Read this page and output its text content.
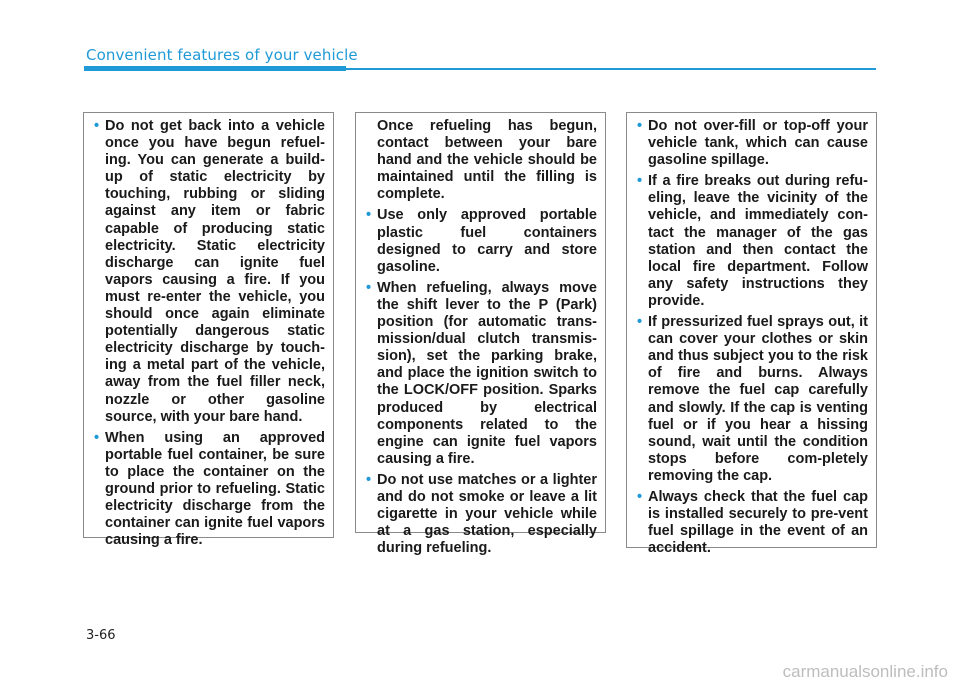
Convenient features of your vehicle
• Do not get back into a vehicle once you have begun refuel-ing. You can generate a build-up of static electricity by touching, rubbing or sliding against any item or fabric capable of producing static electricity. Static electricity discharge can ignite fuel vapors causing a fire. If you must re-enter the vehicle, you should once again eliminate potentially dangerous static electricity discharge by touch-ing a metal part of the vehicle, away from the fuel filler neck, nozzle or other gasoline source, with your bare hand.
• When using an approved portable fuel container, be sure to place the container on the ground prior to refueling. Static electricity discharge from the container can ignite fuel vapors causing a fire.

Once refueling has begun, contact between your bare hand and the vehicle should be maintained until the filling is complete.

• Use only approved portable plastic fuel containers designed to carry and store gasoline.
• When refueling, always move the shift lever to the P (Park) position (for automatic trans-mission/dual clutch transmis-sion), set the parking brake, and place the ignition switch to the LOCK/OFF position. Sparks produced by electrical components related to the engine can ignite fuel vapors causing a fire.
• Do not use matches or a lighter and do not smoke or leave a lit cigarette in your vehicle while at a gas station, especially during refueling.
• Do not over-fill or top-off your vehicle tank, which can cause gasoline spillage.
• If a fire breaks out during refu-eling, leave the vicinity of the vehicle, and immediately con-tact the manager of the gas station and then contact the local fire department. Follow any safety instructions they provide.
• If pressurized fuel sprays out, it can cover your clothes or skin and thus subject you to the risk of fire and burns. Always remove the fuel cap carefully and slowly. If the cap is venting fuel or if you hear a hissing sound, wait until the condition stops before com-pletely removing the cap.
• Always check that the fuel cap is installed securely to pre-vent fuel spillage in the event of an accident.
3-66
carmanualsonline.info
